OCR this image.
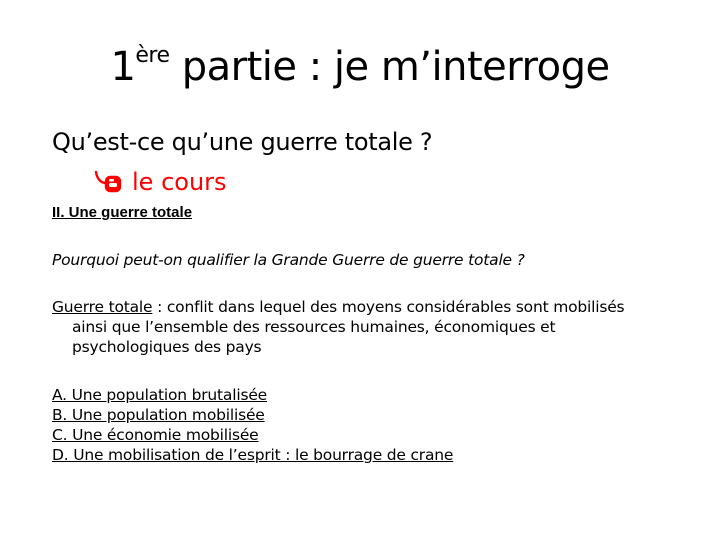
1ère partie : je m’interroge
Qu’est-ce qu’une guerre totale ?
le cours
II. Une guerre totale
Pourquoi peut-on qualifier la Grande Guerre de guerre totale ?
Guerre totale : conflit dans lequel des moyens considérables sont mobilisés
ainsi que l’ensemble des ressources humaines, économiques et
psychologiques des pays
A. Une population brutalisée
B. Une population mobilisée
C. Une économie mobilisée
D. Une mobilisation de l’esprit : le bourrage de crane
